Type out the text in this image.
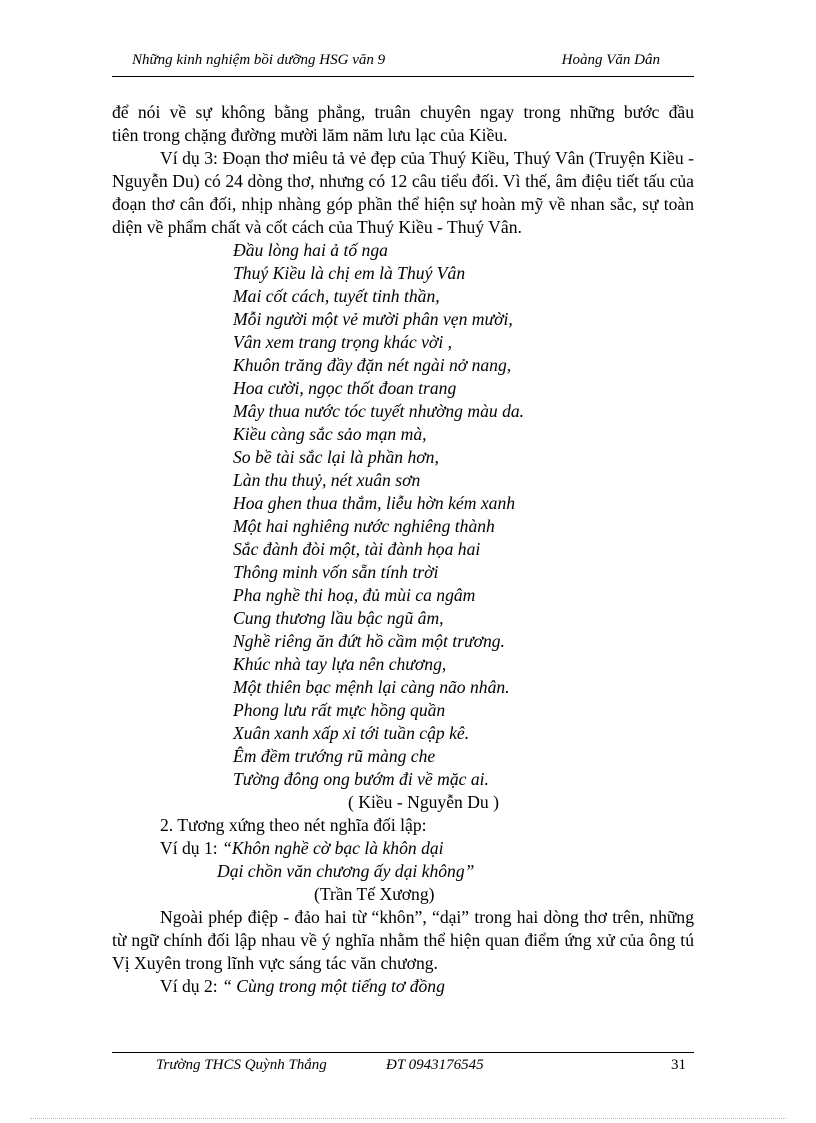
Những kinh nghiệm bồi dưỡng HSG văn 9	Hoàng Văn Dân

để nói về sự không bằng phẳng, truân chuyên ngay trong những bước đầu

tiên trong chặng đường mười lăm năm lưu lạc của Kiều.

Ví dụ 3: Đoạn thơ miêu tả vẻ đẹp của Thuý Kiều, Thuý Vân (Truyện Kiều - Nguyễn Du) có 24 dòng thơ, nhưng có 12 câu tiểu đối. Vì thế, âm điệu tiết tấu của đoạn thơ cân đối, nhịp nhàng góp phần thể hiện sự hoàn mỹ về nhan sắc, sự toàn diện về phẩm chất và cốt cách của Thuý Kiều - Thuý Vân.

Đầu lòng hai ả tố nga
Thuý Kiều là chị em là Thuý Vân
Mai cốt cách, tuyết tinh thần,
Mỗi người một vẻ mười phân vẹn mười,
Vân xem trang trọng khác vời ,
Khuôn trăng đầy đặn nét ngài nở nang,
Hoa cười, ngọc thốt đoan trang
Mây thua nước tóc tuyết nhường màu da.
Kiều càng sắc sảo mạn mà,
So bề tài sắc lại là phần hơn,
Làn thu thuỷ, nét xuân sơn
Hoa ghen thua thắm, liễu hờn kém xanh
Một hai nghiêng nước nghiêng thành
Sắc đành đòi một, tài đành họa hai
Thông minh vốn sẵn tính trời
Pha nghề thi hoạ, đủ mùi ca ngâm
Cung thương lầu bậc ngũ âm,
Nghề riêng ăn đứt hồ cầm một trương.
Khúc nhà tay lựa nên chương,
Một thiên bạc mệnh lại càng não nhân.
Phong lưu rất mực hồng quần
Xuân xanh xấp xỉ tới tuần cập kê.
Êm đềm trướng rũ màng che
Tường đông ong bướm đi về mặc ai.
( Kiều - Nguyễn Du )

2. Tương xứng theo nét nghĩa đối lập:

Ví dụ 1: “Khôn nghề cờ bạc là khôn dại

Dại chồn văn chương ấy dại không”
(Trần Tế Xương)

Ngoài phép điệp - đảo hai từ “khôn”, “dại” trong hai dòng thơ trên, những từ ngữ chính đối lập nhau về ý nghĩa nhằm thể hiện quan điểm ứng xử của ông tú Vị Xuyên trong lĩnh vực sáng tác văn chương.

Ví dụ 2: “ Cùng trong một tiếng tơ đồng

Trường THCS Quỳnh Thắng	ĐT 0943176545	31
